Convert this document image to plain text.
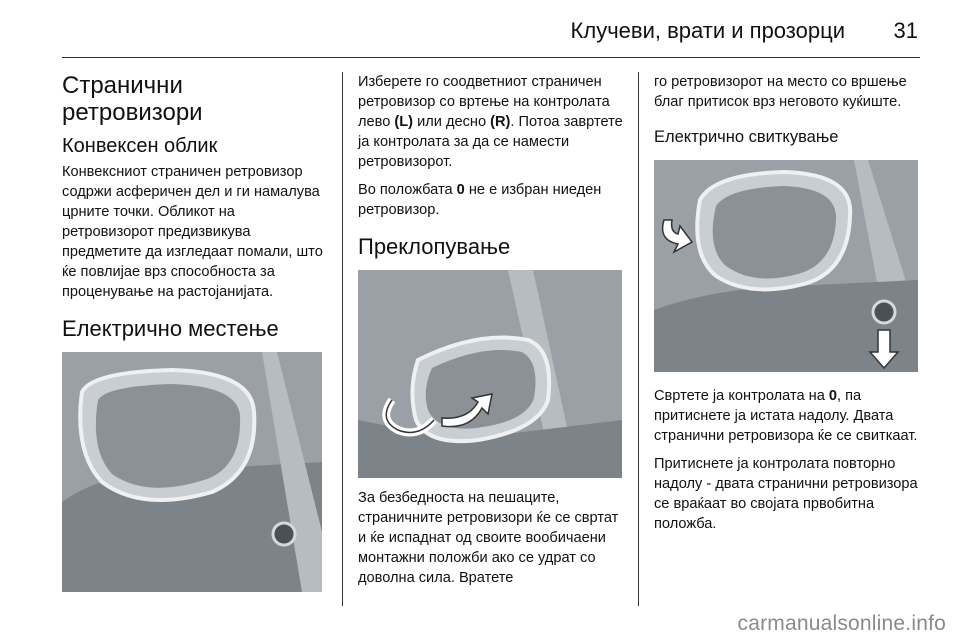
Клучеви, врати и прозорци 31
Странични ретровизори
Конвексен облик

Конвексниот страничен ретровизор содржи асферичен дел и ги намалува црните точки. Обликот на ретровизорот предизвикува предметите да изгледаат помали, што ќе повлијае врз способноста за проценување на растојанијата.

Електрично местење

Изберете го соодветниот страничен ретровизор со вртење на контролата лево (L) или десно (R). Потоа завртете ја контролата за да се намести ретровизорот.

Во положбата 0 не е избран ниеден ретровизор.

Преклопување

За безбедноста на пешаците, страничните ретровизори ќе се свртат и ќе испаднат од своите вообичаени монтажни положби ако се удрат со доволна сила. Вратете

го ретровизорот на место со вршење благ притисок врз неговото куќиште.

Електрично свиткување

Свртете ја контролата на 0, па притиснете ја истата надолу. Двата странични ретровизора ќе се свиткаат.

Притиснете ја контролата повторно надолу - двата странични ретровизора се враќаат во својата првобитна положба.

carmanualsonline.info
